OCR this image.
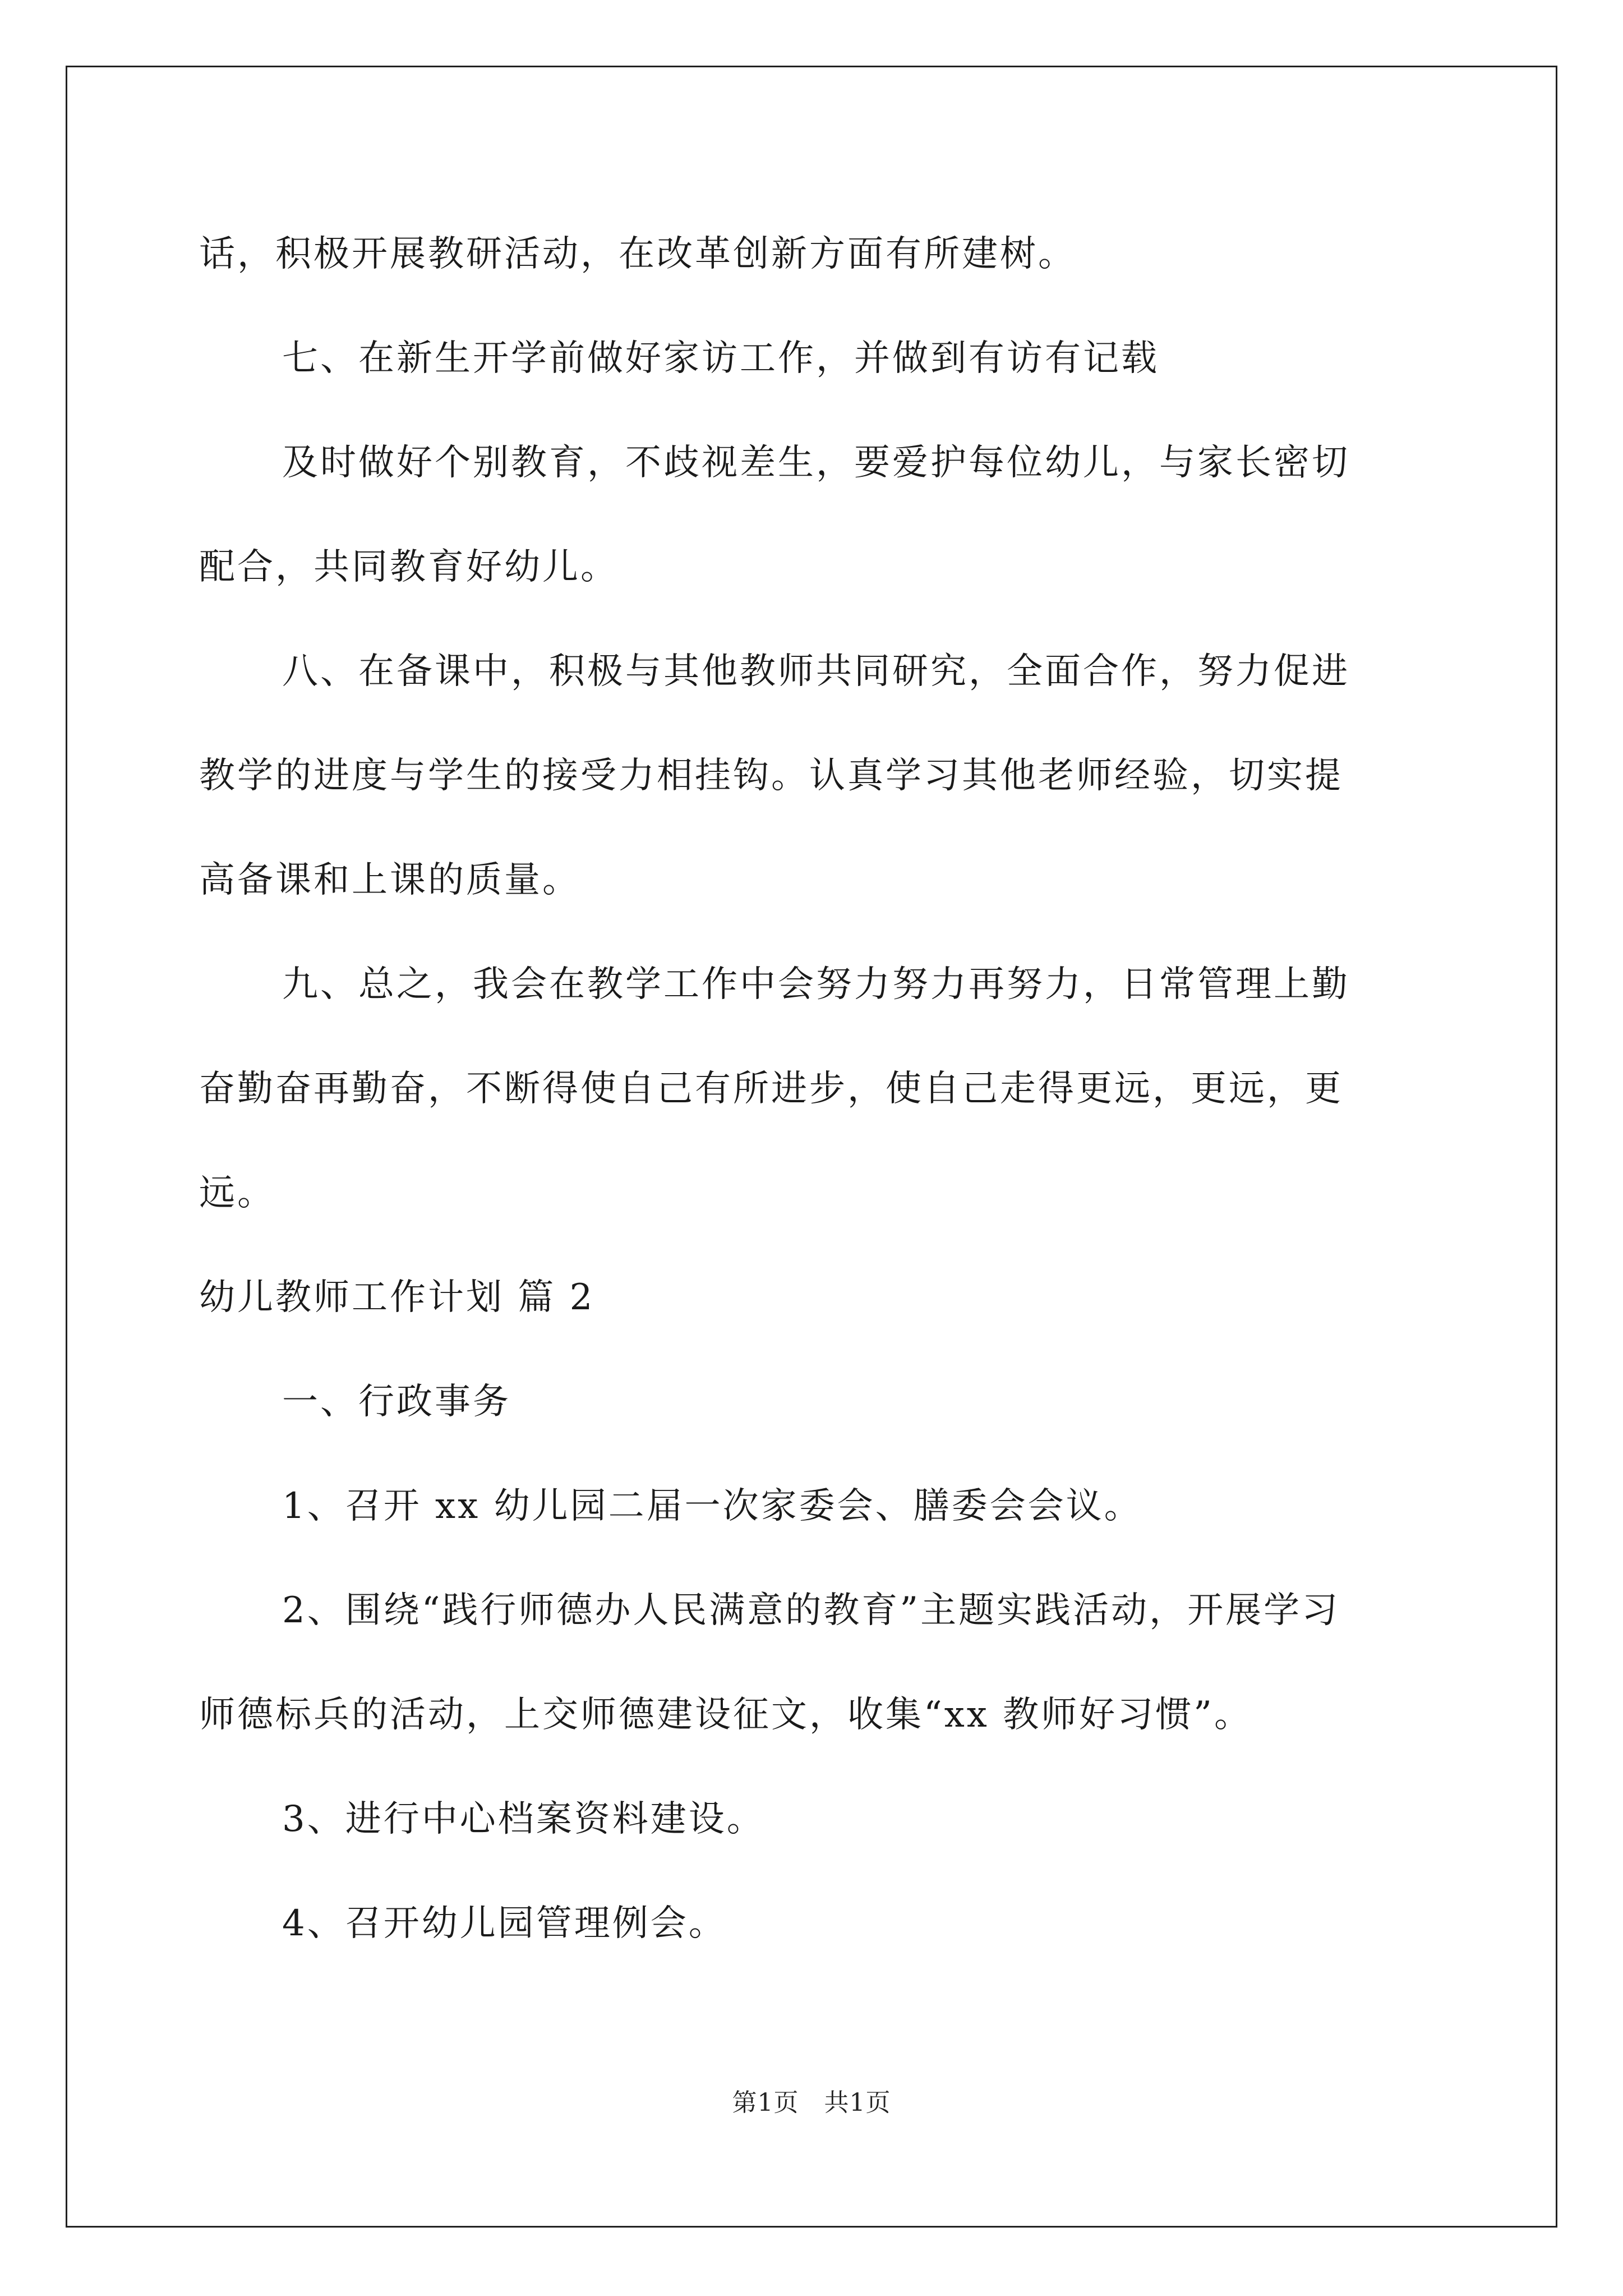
话，积极开展教研活动，在改革创新方面有所建树。

七、在新生开学前做好家访工作，并做到有访有记载

及时做好个别教育，不歧视差生，要爱护每位幼儿，与家长密切

配合，共同教育好幼儿。

八、在备课中，积极与其他教师共同研究，全面合作，努力促进

教学的进度与学生的接受力相挂钩。认真学习其他老师经验，切实提

高备课和上课的质量。

九、总之，我会在教学工作中会努力努力再努力，日常管理上勤

奋勤奋再勤奋，不断得使自己有所进步，使自己走得更远，更远，更

远。

幼儿教师工作计划 篇 2

一、行政事务

1、召开 xx 幼儿园二届一次家委会、膳委会会议。

2、围绕“践行师德办人民满意的教育”主题实践活动，开展学习

师德标兵的活动，上交师德建设征文，收集“xx 教师好习惯”。

3、进行中心档案资料建设。

4、召开幼儿园管理例会。

第1页　共1页
